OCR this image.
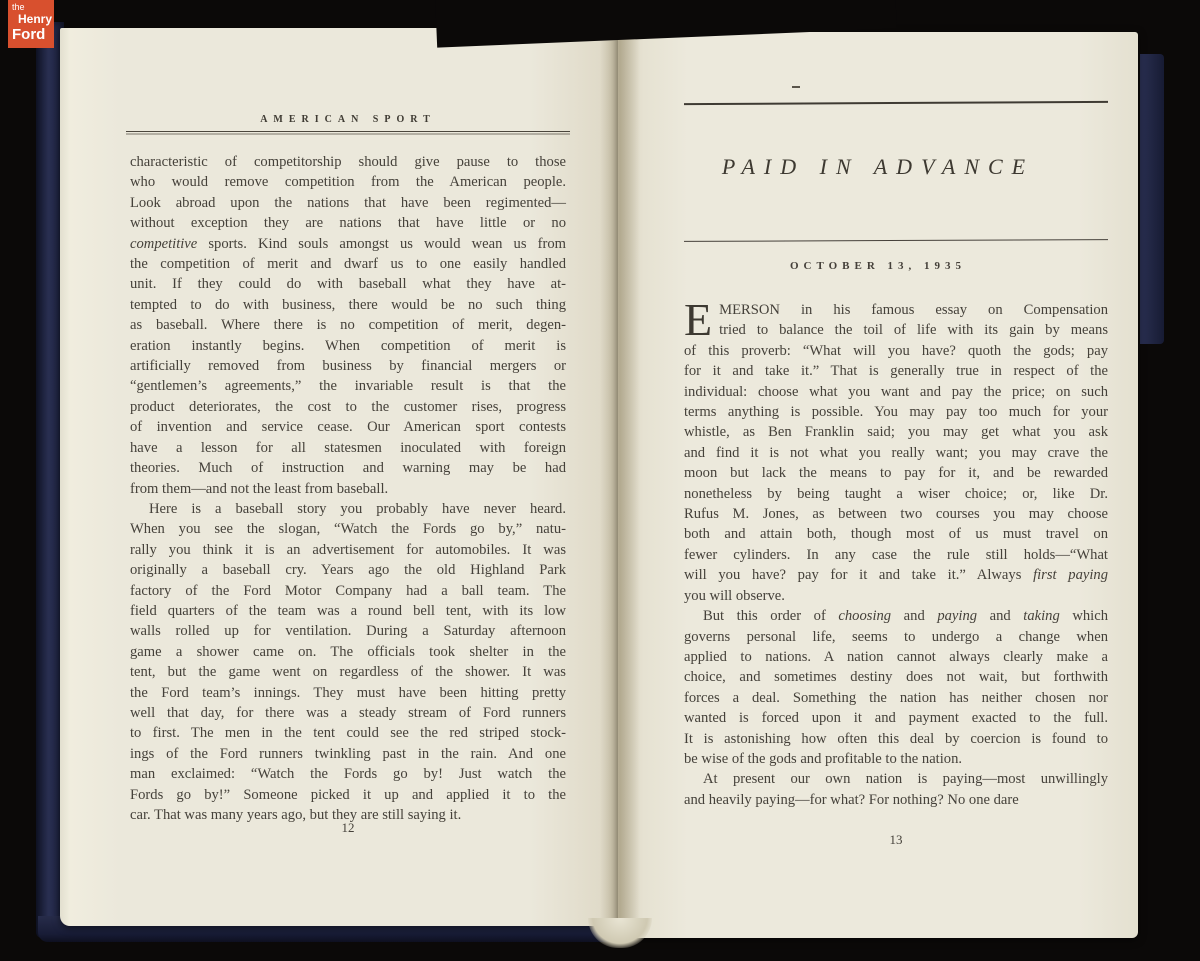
AMERICAN SPORT
characteristic of competitorship should give pause to those
who would remove competition from the American people.
Look abroad upon the nations that have been regimented—
without exception they are nations that have little or no
competitive sports. Kind souls amongst us would wean us from
the competition of merit and dwarf us to one easily handled
unit. If they could do with baseball what they have at-
tempted to do with business, there would be no such thing
as baseball. Where there is no competition of merit, degen-
eration instantly begins. When competition of merit is
artificially removed from business by financial mergers or
“gentlemen’s agreements,” the invariable result is that the
product deteriorates, the cost to the customer rises, progress
of invention and service cease. Our American sport contests
have a lesson for all statesmen inoculated with foreign
theories. Much of instruction and warning may be had
from them—and not the least from baseball.
Here is a baseball story you probably have never heard.
When you see the slogan, “Watch the Fords go by,” natu-
rally you think it is an advertisement for automobiles. It was
originally a baseball cry. Years ago the old Highland Park
factory of the Ford Motor Company had a ball team. The
field quarters of the team was a round bell tent, with its low
walls rolled up for ventilation. During a Saturday afternoon
game a shower came on. The officials took shelter in the
tent, but the game went on regardless of the shower. It was
the Ford team’s innings. They must have been hitting pretty
well that day, for there was a steady stream of Ford runners
to first. The men in the tent could see the red striped stock-
ings of the Ford runners twinkling past in the rain. And one
man exclaimed: “Watch the Fords go by! Just watch the
Fords go by!” Someone picked it up and applied it to the
car. That was many years ago, but they are still saying it.
12
PAID IN ADVANCE
OCTOBER 13, 1935
E MERSON in his famous essay on Compensation
tried to balance the toil of life with its gain by means
of this proverb: “What will you have? quoth the gods; pay
for it and take it.” That is generally true in respect of the
individual: choose what you want and pay the price; on such
terms anything is possible. You may pay too much for your
whistle, as Ben Franklin said; you may get what you ask
and find it is not what you really want; you may crave the
moon but lack the means to pay for it, and be rewarded
nonetheless by being taught a wiser choice; or, like Dr.
Rufus M. Jones, as between two courses you may choose
both and attain both, though most of us must travel on
fewer cylinders. In any case the rule still holds—“What
will you have? pay for it and take it.” Always first paying
you will observe.
But this order of choosing and paying and taking which
governs personal life, seems to undergo a change when
applied to nations. A nation cannot always clearly make a
choice, and sometimes destiny does not wait, but forthwith
forces a deal. Something the nation has neither chosen nor
wanted is forced upon it and payment exacted to the full.
It is astonishing how often this deal by coercion is found to
be wise of the gods and profitable to the nation.
At present our own nation is paying—most unwillingly
and heavily paying—for what? For nothing? No one dare
13
the
Henry
Ford
